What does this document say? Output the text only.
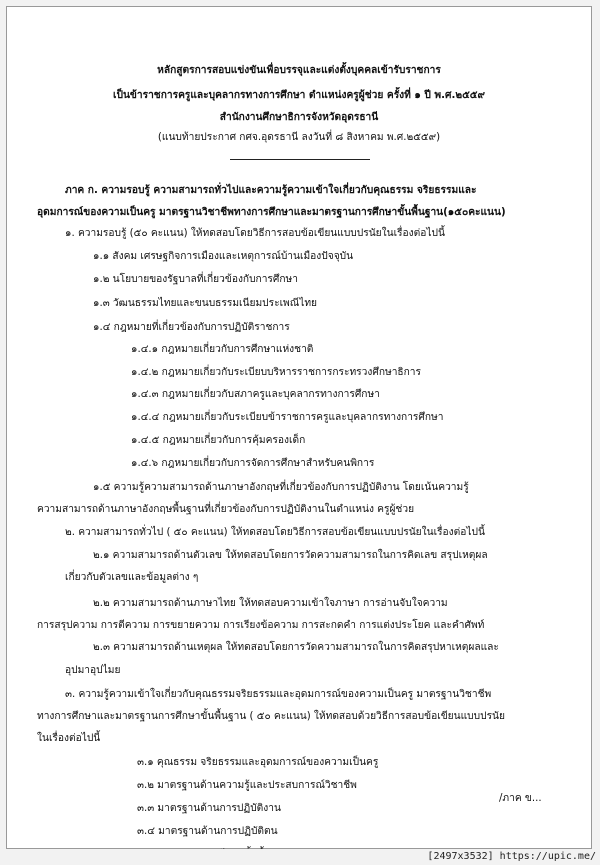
หลักสูตรการสอบแข่งขันเพื่อบรรจุและแต่งตั้งบุคคลเข้ารับราชการ
เป็นข้าราชการครูและบุคลากรทางการศึกษา ตำแหน่งครูผู้ช่วย ครั้งที่ ๑ ปี พ.ศ.๒๕๕๙
สำนักงานศึกษาธิการจังหวัดอุดรธานี
(แนบท้ายประกาศ กศจ.อุดรธานี ลงวันที่ ๘ สิงหาคม พ.ศ.๒๕๕๙)
ภาค ก. ความรอบรู้ ความสามารถทั่วไปและความรู้ความเข้าใจเกี่ยวกับคุณธรรม จริยธรรมและ
อุดมการณ์ของความเป็นครู มาตรฐานวิชาชีพทางการศึกษาและมาตรฐานการศึกษาขั้นพื้นฐาน(๑๕๐คะแนน)
๑. ความรอบรู้ (๕๐ คะแนน) ให้ทดสอบโดยวิธีการสอบข้อเขียนแบบปรนัยในเรื่องต่อไปนี้
๑.๑ สังคม เศรษฐกิจการเมืองและเหตุการณ์บ้านเมืองปัจจุบัน
๑.๒ นโยบายของรัฐบาลที่เกี่ยวข้องกับการศึกษา
๑.๓ วัฒนธรรมไทยและขนบธรรมเนียมประเพณีไทย
๑.๔ กฎหมายที่เกี่ยวข้องกับการปฏิบัติราชการ
๑.๔.๑ กฎหมายเกี่ยวกับการศึกษาแห่งชาติ
๑.๔.๒ กฎหมายเกี่ยวกับระเบียบบริหารราชการกระทรวงศึกษาธิการ
๑.๔.๓ กฎหมายเกี่ยวกับสภาครูและบุคลากรทางการศึกษา
๑.๔.๔ กฎหมายเกี่ยวกับระเบียบข้าราชการครูและบุคลากรทางการศึกษา
๑.๔.๕ กฎหมายเกี่ยวกับการคุ้มครองเด็ก
๑.๔.๖ กฎหมายเกี่ยวกับการจัดการศึกษาสำหรับคนพิการ
๑.๕ ความรู้ความสามารถด้านภาษาอังกฤษที่เกี่ยวข้องกับการปฏิบัติงาน โดยเน้นความรู้
ความสามารถด้านภาษาอังกฤษพื้นฐานที่เกี่ยวข้องกับการปฏิบัติงานในตำแหน่ง ครูผู้ช่วย
๒. ความสามารถทั่วไป ( ๕๐ คะแนน) ให้ทดสอบโดยวิธีการสอบข้อเขียนแบบปรนัยในเรื่องต่อไปนี้
๒.๑ ความสามารถด้านตัวเลข ให้ทดสอบโดยการวัดความสามารถในการคิดเลข สรุปเหตุผล
เกี่ยวกับตัวเลขและข้อมูลต่าง ๆ
๒.๒ ความสามารถด้านภาษาไทย ให้ทดสอบความเข้าใจภาษา การอ่านจับใจความ
การสรุปความ การตีความ การขยายความ การเรียงข้อความ การสะกดคำ การแต่งประโยค และคำศัพท์
๒.๓ ความสามารถด้านเหตุผล ให้ทดสอบโดยการวัดความสามารถในการคิดสรุปหาเหตุผลและ
อุปมาอุปไมย
๓. ความรู้ความเข้าใจเกี่ยวกับคุณธรรมจริยธรรมและอุดมการณ์ของความเป็นครู มาตรฐานวิชาชีพ
ทางการศึกษาและมาตรฐานการศึกษาขั้นพื้นฐาน ( ๕๐ คะแนน) ให้ทดสอบด้วยวิธีการสอบข้อเขียนแบบปรนัย
ในเรื่องต่อไปนี้
๓.๑ คุณธรรม จริยธรรมและอุดมการณ์ของความเป็นครู
๓.๒ มาตรฐานด้านความรู้และประสบการณ์วิชาชีพ
๓.๓ มาตรฐานด้านการปฏิบัติงาน
๓.๔ มาตรฐานด้านการปฏิบัติตน
/ภาค ข...
[2497x3532] https://upic.me/
